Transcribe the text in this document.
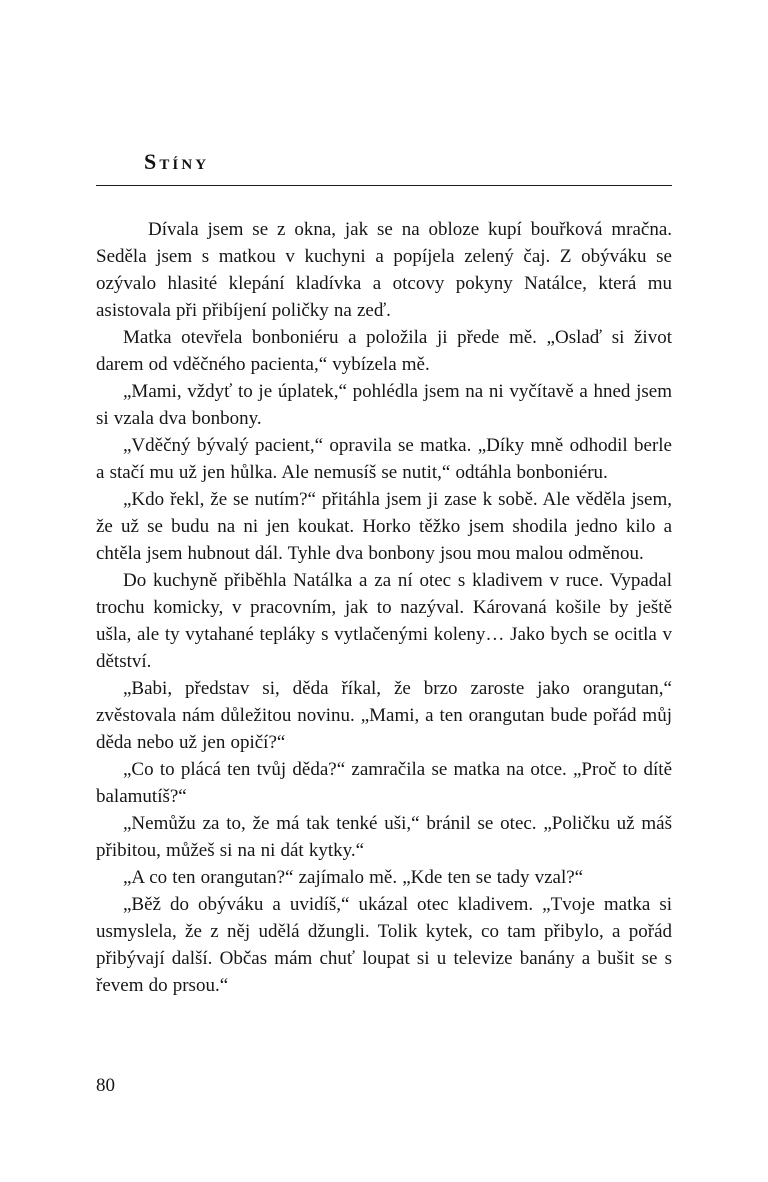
Stíny

Dívala jsem se z okna, jak se na obloze kupí bouřková mračna. Seděla jsem s matkou v kuchyni a popíjela zelený čaj. Z obýváku se ozývalo hlasité klepání kladívka a otcovy pokyny Natálce, která mu asistovala při přibíjení poličky na zeď.

Matka otevřela bonboniéru a položila ji přede mě. „Oslaď si život darem od vděčného pacienta,“ vybízela mě.

„Mami, vždyť to je úplatek,“ pohlédla jsem na ni vyčítavě a hned jsem si vzala dva bonbony.

„Vděčný bývalý pacient,“ opravila se matka. „Díky mně odhodil berle a stačí mu už jen hůlka. Ale nemusíš se nutit,“ odtáhla bonboniéru.

„Kdo řekl, že se nutím?“ přitáhla jsem ji zase k sobě. Ale věděla jsem, že už se budu na ni jen koukat. Horko těžko jsem shodila jedno kilo a chtěla jsem hubnout dál. Tyhle dva bonbony jsou mou malou odměnou.

Do kuchyně přiběhla Natálka a za ní otec s kladivem v ruce. Vypadal trochu komicky, v pracovním, jak to nazýval. Károvaná košile by ještě ušla, ale ty vytahané tepláky s vytlačenými koleny… Jako bych se ocitla v dětství.

„Babi, představ si, děda říkal, že brzo zaroste jako orangutan,“ zvěstovala nám důležitou novinu. „Mami, a ten orangutan bude pořád můj děda nebo už jen opičí?“

„Co to plácá ten tvůj děda?“ zamračila se matka na otce. „Proč to dítě balamutíš?“

„Nemůžu za to, že má tak tenké uši,“ bránil se otec. „Poličku už máš přibitou, můžeš si na ni dát kytky.“

„A co ten orangutan?“ zajímalo mě. „Kde ten se tady vzal?“

„Běž do obýváku a uvidíš,“ ukázal otec kladivem. „Tvoje matka si usmyslela, že z něj udělá džungli. Tolik kytek, co tam přibylo, a pořád přibývají další. Občas mám chuť loupat si u televize banány a bušit se s řevem do prsou.“

80
